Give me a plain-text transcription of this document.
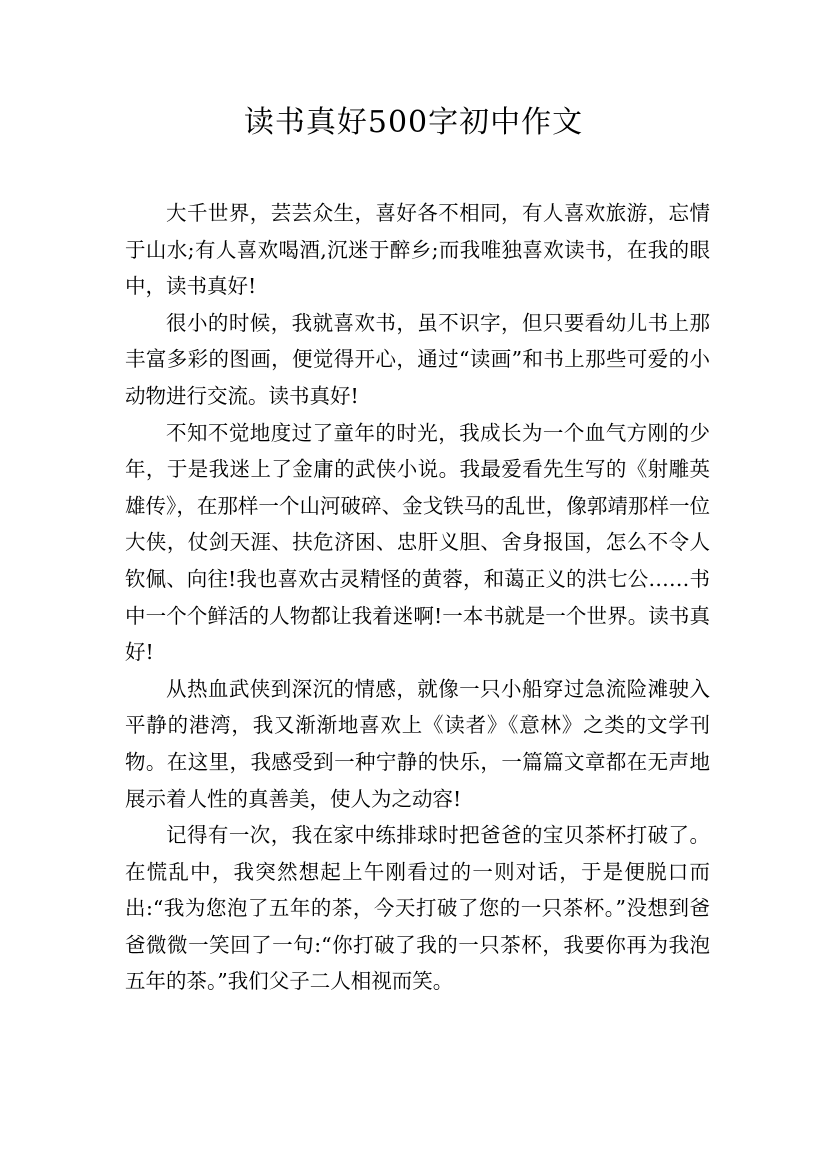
读书真好500字初中作文

大千世界，芸芸众生，喜好各不相同，有人喜欢旅游，忘情于山水;有人喜欢喝酒,沉迷于醉乡;而我唯独喜欢读书，在我的眼中，读书真好!

很小的时候，我就喜欢书，虽不识字，但只要看幼儿书上那丰富多彩的图画，便觉得开心，通过“读画”和书上那些可爱的小动物进行交流。读书真好!

不知不觉地度过了童年的时光，我成长为一个血气方刚的少年，于是我迷上了金庸的武侠小说。我最爱看先生写的《射雕英雄传》，在那样一个山河破碎、金戈铁马的乱世，像郭靖那样一位大侠，仗剑天涯、扶危济困、忠肝义胆、舍身报国，怎么不令人钦佩、向往!我也喜欢古灵精怪的黄蓉，和蔼正义的洪七公……书中一个个鲜活的人物都让我着迷啊!一本书就是一个世界。读书真好!

从热血武侠到深沉的情感，就像一只小船穿过急流险滩驶入平静的港湾，我又渐渐地喜欢上《读者》《意林》之类的文学刊物。在这里，我感受到一种宁静的快乐，一篇篇文章都在无声地展示着人性的真善美，使人为之动容!

记得有一次，我在家中练排球时把爸爸的宝贝茶杯打破了。在慌乱中，我突然想起上午刚看过的一则对话，于是便脱口而出:“我为您泡了五年的茶，今天打破了您的一只茶杯。”没想到爸爸微微一笑回了一句:“你打破了我的一只茶杯，我要你再为我泡五年的茶。”我们父子二人相视而笑。
